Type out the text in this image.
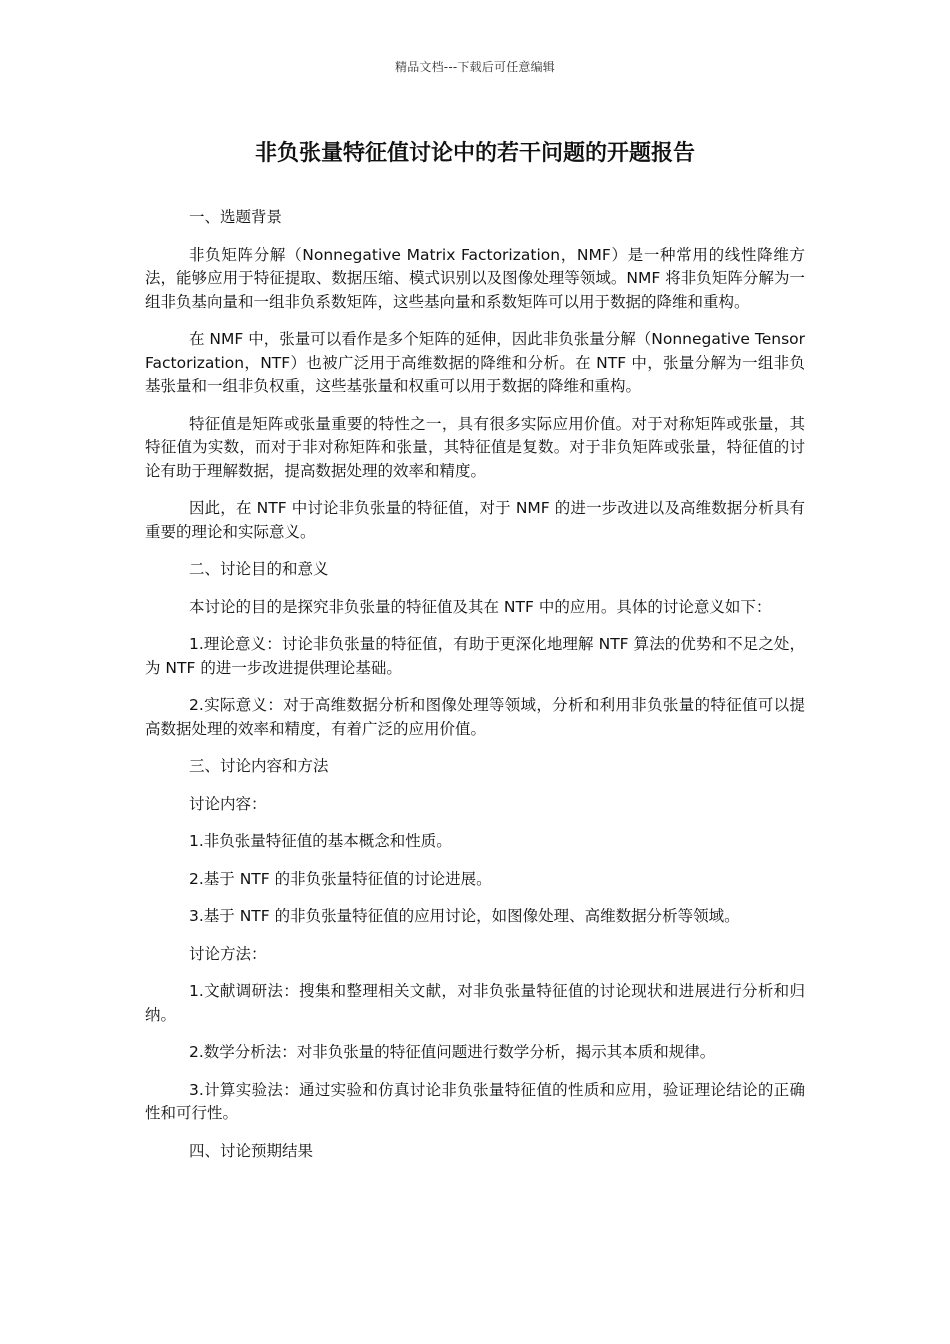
精品文档---下载后可任意编辑
非负张量特征值讨论中的若干问题的开题报告

一、选题背景

非负矩阵分解（Nonnegative Matrix Factorization，NMF）是一种常用的线性降维方法，能够应用于特征提取、数据压缩、模式识别以及图像处理等领域。NMF 将非负矩阵分解为一组非负基向量和一组非负系数矩阵，这些基向量和系数矩阵可以用于数据的降维和重构。

在 NMF 中，张量可以看作是多个矩阵的延伸，因此非负张量分解（Nonnegative Tensor Factorization，NTF）也被广泛用于高维数据的降维和分析。在 NTF 中，张量分解为一组非负基张量和一组非负权重，这些基张量和权重可以用于数据的降维和重构。

特征值是矩阵或张量重要的特性之一，具有很多实际应用价值。对于对称矩阵或张量，其特征值为实数，而对于非对称矩阵和张量，其特征值是复数。对于非负矩阵或张量，特征值的讨论有助于理解数据，提高数据处理的效率和精度。

因此，在 NTF 中讨论非负张量的特征值，对于 NMF 的进一步改进以及高维数据分析具有重要的理论和实际意义。

二、讨论目的和意义

本讨论的目的是探究非负张量的特征值及其在 NTF 中的应用。具体的讨论意义如下：

1.理论意义：讨论非负张量的特征值，有助于更深化地理解 NTF 算法的优势和不足之处，为 NTF 的进一步改进提供理论基础。

2.实际意义：对于高维数据分析和图像处理等领域，分析和利用非负张量的特征值可以提高数据处理的效率和精度，有着广泛的应用价值。

三、讨论内容和方法

讨论内容：

1.非负张量特征值的基本概念和性质。

2.基于 NTF 的非负张量特征值的讨论进展。

3.基于 NTF 的非负张量特征值的应用讨论，如图像处理、高维数据分析等领域。

讨论方法：

1.文献调研法：搜集和整理相关文献，对非负张量特征值的讨论现状和进展进行分析和归纳。

2.数学分析法：对非负张量的特征值问题进行数学分析，揭示其本质和规律。

3.计算实验法：通过实验和仿真讨论非负张量特征值的性质和应用，验证理论结论的正确性和可行性。

四、讨论预期结果
